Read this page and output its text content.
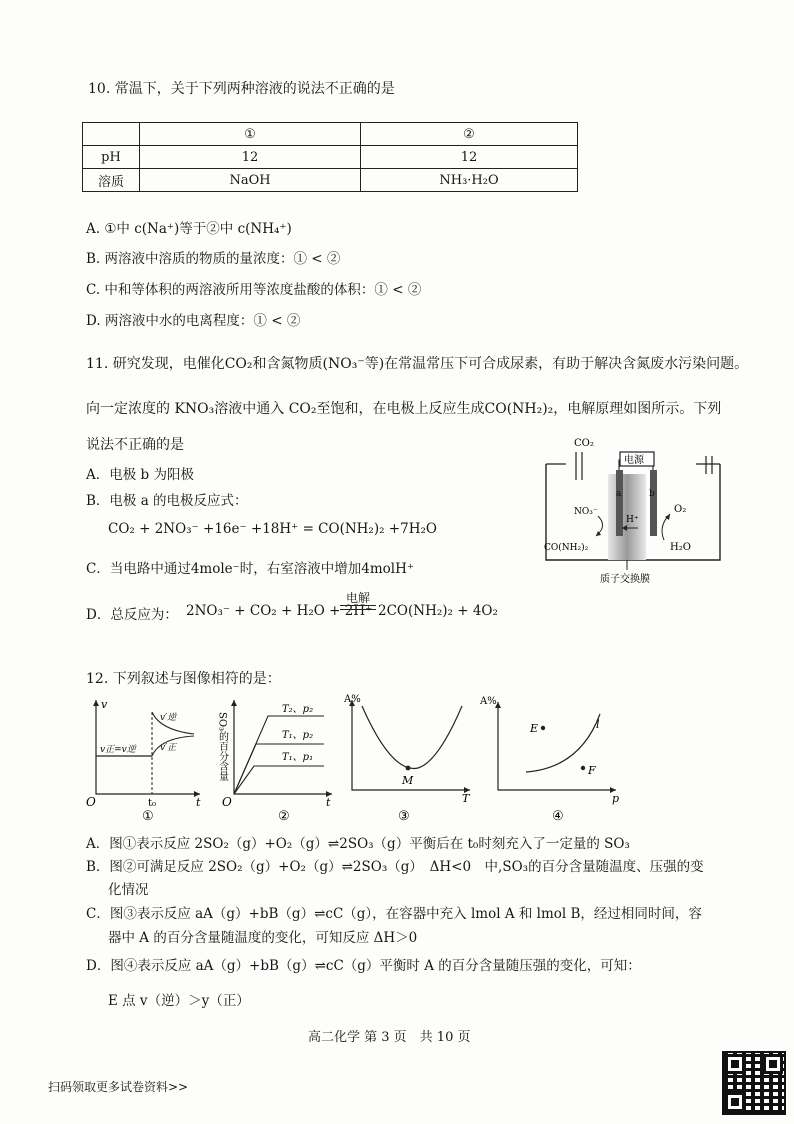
10. 常温下，关于下列两种溶液的说法不正确的是
	①	②
pH	12	12
溶质	NaOH	NH₃·H₂O
A. ①中 c(Na⁺)等于②中 c(NH₄⁺)
B. 两溶液中溶质的物质的量浓度：① < ②
C. 中和等体积的两溶液所用等浓度盐酸的体积：① < ②
D. 两溶液中水的电离程度：① < ②
11. 研究发现，电催化CO₂和含氮物质(NO₃⁻等)在常温常压下可合成尿素，有助于解决含氮废水污染问题。
向一定浓度的 KNO₃溶液中通入 CO₂至饱和，在电极上反应生成CO(NH₂)₂，电解原理如图所示。下列
说法不正确的是
A．电极 b 为阳极
B．电极 a 的电极反应式：
CO₂ + 2NO₃⁻ +16e⁻ +18H⁺ = CO(NH₂)₂ +7H₂O
C．当电路中通过4mole⁻时，右室溶液中增加4molH⁺
D．总反应为： 2NO₃⁻ + CO₂ + H₂O + 2H⁺
电解
2CO(NH₂)₂ + 4O₂
CO₂
电源
a	b
NO₃⁻
CO(NH₂)₂
H⁺
O₂
H₂O
质子交换膜
12. 下列叙述与图像相符的是：
v
v正=v逆
v′逆
v′正
O	t₀	t
①
SO₃的百分含量
T₂、p₂
T₁、p₂
T₁、p₁
O	t
②
A%
M
T
③
A%
l
E
F
p
④
A．图①表示反应 2SO₂（g）+O₂（g）⇌2SO₃（g）平衡后在 t₀时刻充入了一定量的 SO₃
B．图②可满足反应 2SO₂（g）+O₂（g）⇌2SO₃（g）　ΔH<0　中,SO₃的百分含量随温度、压强的变
化情况
C．图③表示反应 aA（g）+bB（g）⇌cC（g），在容器中充入 lmol A 和 lmol B，经过相同时间，容
器中 A 的百分含量随温度的变化，可知反应 ΔH＞0
D．图④表示反应 aA（g）+bB（g）⇌cC（g）平衡时 A 的百分含量随压强的变化，可知：
E 点 v（逆）＞y（正）
高二化学 第 3 页　共 10 页
扫码领取更多试卷资料>>
